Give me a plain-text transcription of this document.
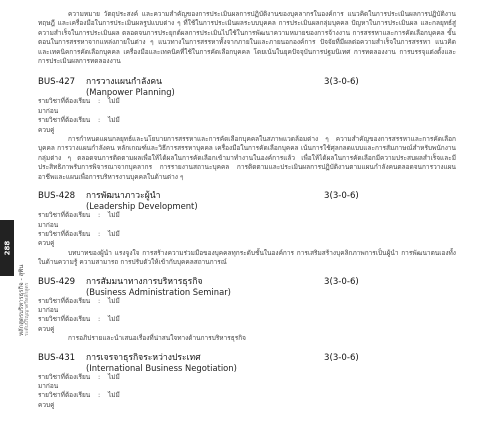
288
หลักสูตรบริหารธุรกิจ - สุพิน ระดับปริญญาตรีหลักสูตร

ความหมาย วัตถุประสงค์ และความสำคัญของการประเมินผลการปฏิบัติงานของบุคลากรในองค์การ แนวคิดในการประเมินผลการปฏิบัติงาน ทฤษฎี และเครื่องมือในการประเมินผลรูปแบบต่าง ๆ ที่ใช้ในการประเมินผลระบบบุคคล การประเมินผลกลุ่มบุคคล ปัญหาในการประเมินผล และกลยุทธ์สู่ความสำเร็จในการประเมินผล ตลอดจนการประยุกต์ผลการประเมินไปใช้ในการพัฒนาความหมายของการจ้างงาน การสรรหาและการคัดเลือกบุคคล ขั้นตอนในการสรรหาจากแหล่งภายในต่าง ๆ แนวทางในการสรรหาทั้งจากภายในและภายนอกองค์การ ปัจจัยที่มีผลต่อความสำเร็จในการสรรหา แนวคิดและเทคนิคการคัดเลือกบุคคล เครื่องมือและเทคนิคที่ใช้ในการคัดเลือกบุคคล โดยเน้นในยุคปัจจุบันการปฐมนิเทศ การทดลองงาน การบรรจุแต่งตั้งและการประเมินผลการทดลองงาน

BUS-427	การวางแผนกำลังคน	3(3-0-6)
(Manpower Planning)
รายวิชาที่ต้องเรียนมาก่อน
:	ไม่มี
รายวิชาที่ต้องเรียนควบคู่
:	ไม่มี

การกำหนดแผนกลยุทธ์และนโยบายการสรรหาและการคัดเลือกบุคคลในสภาพแวดล้อมต่าง ๆ ความสำคัญของการสรรหาและการคัดเลือกบุคคล การวางแผนกำลังคน หลักเกณฑ์และวิธีการสรรหาบุคคล เครื่องมือในการคัดเลือกบุคคล เน้นการใช้ศุลกลดแบบและการสัมภาษณ์สำหรับพนักงานกลุ่มต่าง ๆ ตลอดจนการติดตามผลเพื่อให้ได้ผลในการคัดเลือกเข้ามาทำงานในองค์การแล้ว เพื่อให้ได้ผลในการคัดเลือกมีความประสบผลสำเร็จและมีประสิทธิภาพรับการพิจารณาจากบุคลากร การรายงานสถานะบุคคล การติดตามและประเมินผลการปฏิบัติงานตามแผนกำลังคนตลอดจนการวางแผนอาชีพและแผนเพื่อการบริหารงานบุคคลในด้านต่าง ๆ

BUS-428	การพัฒนาภาวะผู้นำ	3(3-0-6)
(Leadership Development)
รายวิชาที่ต้องเรียนมาก่อน
:	ไม่มี
รายวิชาที่ต้องเรียนควบคู่
:	ไม่มี

บทบาทของผู้นำ แรงจูงใจ การสร้างความร่วมมือของบุคคลทุกระดับชั้นในองค์การ การเสริมสร้างบุคลิกภาพการเป็นผู้นำ การพัฒนาตนเองทั้งในด้านความรู้ ความสามารถ การปรับตัวให้เข้ากับบุคคลสถานการณ์

BUS-429	การสัมมนาทางการบริหารธุรกิจ	3(3-0-6)
(Business Administration Seminar)
รายวิชาที่ต้องเรียนมาก่อน
:	ไม่มี
รายวิชาที่ต้องเรียนควบคู่
:	ไม่มี

การอภิปรายและนำเสนอเรื่องที่น่าสนใจทางด้านการบริหารธุรกิจ

BUS-431	การเจรจาธุรกิจระหว่างประเทศ	3(3-0-6)
(International Business Negotiation)
รายวิชาที่ต้องเรียนมาก่อน
:	ไม่มี
รายวิชาที่ต้องเรียนควบคู่
:	ไม่มี
